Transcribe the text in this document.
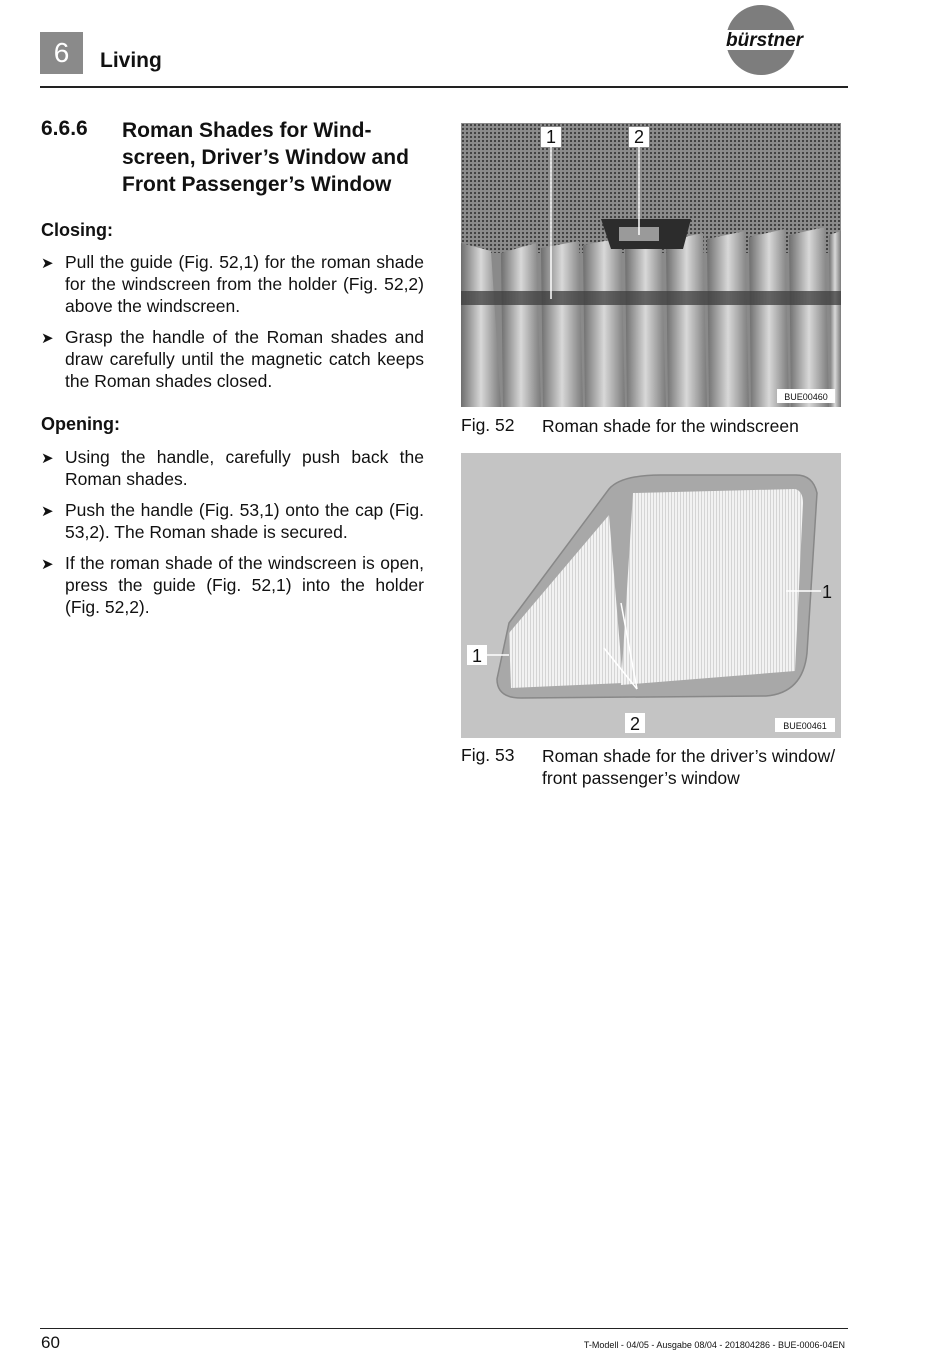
6 Living
bürstner
6.6.6 Roman Shades for Wind-screen, Driver’s Window and Front Passenger’s Window
Closing:
➤ Pull the guide (Fig. 52,1) for the roman shade for the windscreen from the holder (Fig. 52,2) above the windscreen.
➤ Grasp the handle of the Roman shades and draw carefully until the magnetic catch keeps the Roman shades closed.
Opening:
➤ Using the handle, carefully push back the Roman shades.
➤ Push the handle (Fig. 53,1) onto the cap (Fig. 53,2). The Roman shade is secured.
➤ If the roman shade of the windscreen is open, press the guide (Fig. 52,1) into the holder (Fig. 52,2).
1	2
BUE00460
Fig. 52 Roman shade for the windscreen
1
1
2	BUE00461
Fig. 53 Roman shade for the driver’s window/ front passenger’s window
60	T-Modell - 04/05 - Ausgabe 08/04 - 201804286 - BUE-0006-04EN
